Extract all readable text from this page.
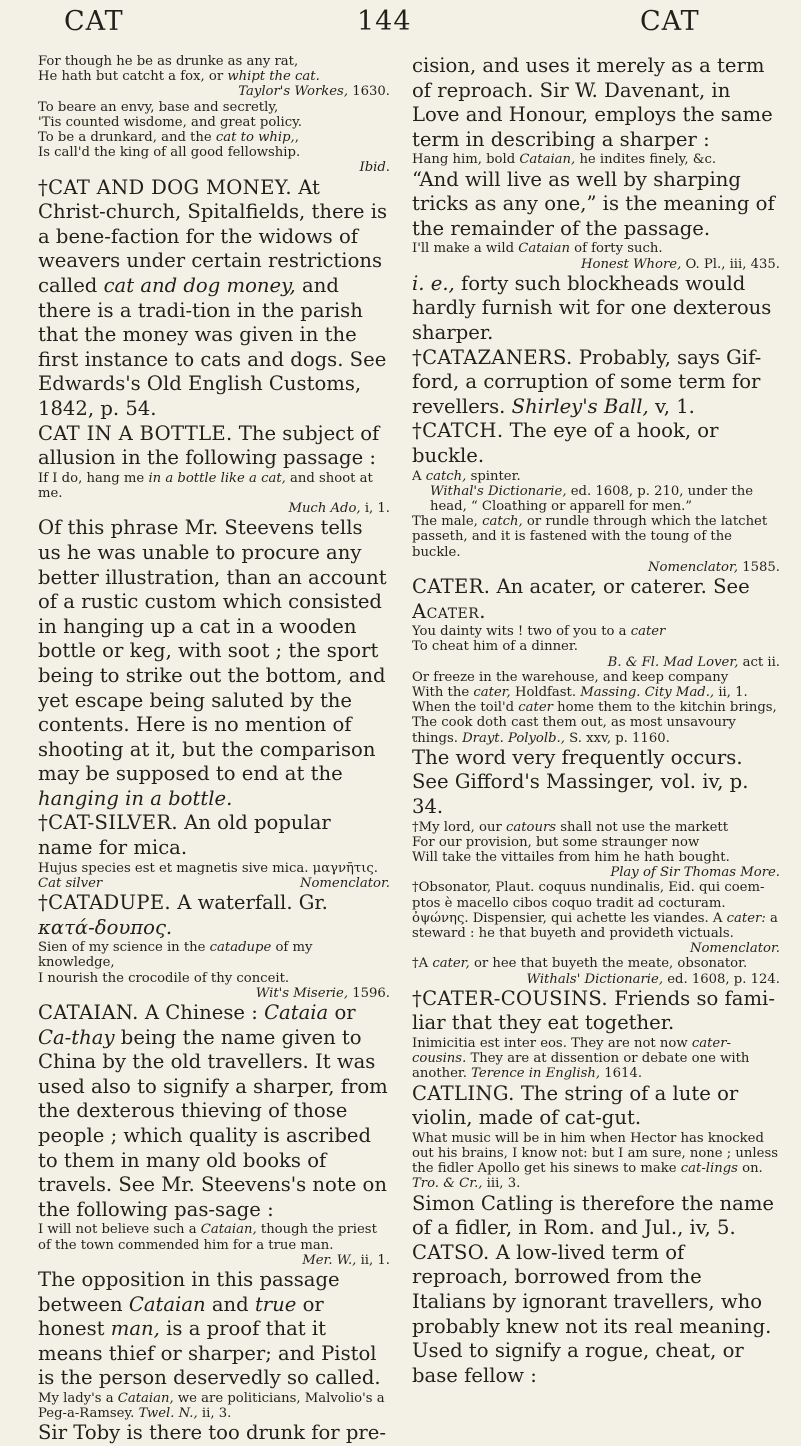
CAT	144	CAT

For though he be as drunke as any rat,
He hath but catcht a fox, or whipt the cat.

Taylor's Workes, 1630.

To beare an envy, base and secretly,
'Tis counted wisdome, and great policy.
To be a drunkard, and the cat to whip,,
Is call'd the king of all good fellowship.

Ibid.

†CAT AND DOG MONEY. At Christ-church, Spitalfields, there is a bene-faction for the widows of weavers under certain restrictions called cat and dog money, and there is a tradi-tion in the parish that the money was given in the first instance to cats and dogs. See Edwards's Old English Customs, 1842, p. 54.

CAT IN A BOTTLE. The subject of allusion in the following passage :

If I do, hang me in a bottle like a cat, and shoot at me.

Much Ado, i, 1.

Of this phrase Mr. Steevens tells us he was unable to procure any better illustration, than an account of a rustic custom which consisted in hanging up a cat in a wooden bottle or keg, with soot ; the sport being to strike out the bottom, and yet escape being saluted by the contents. Here is no mention of shooting at it, but the comparison may be supposed to end at the hanging in a bottle.

†CAT-SILVER. An old popular name for mica.

Hujus species est et magnetis sive mica. μαγνῆτις.
Cat silver	Nomenclator.

†CATADUPE. A waterfall. Gr. κατά-δουπος.

Sien of my science in the catadupe of my knowledge,
I nourish the crocodile of thy conceit.

Wit's Miserie, 1596.

CATAIAN. A Chinese : Cataia or Ca-thay being the name given to China by the old travellers. It was used also to signify a sharper, from the dexterous thieving of those people ; which quality is ascribed to them in many old books of travels. See Mr. Steevens's note on the following pas-sage :

I will not believe such a Cataian, though the priest of the town commended him for a true man.

Mer. W., ii, 1.

The opposition in this passage between Cataian and true or honest man, is a proof that it means thief or sharper; and Pistol is the person deservedly so called.

My lady's a Cataian, we are politicians, Malvolio's a Peg-a-Ramsey. Twel. N., ii, 3.

Sir Toby is there too drunk for pre-

cision, and uses it merely as a term of reproach. Sir W. Davenant, in Love and Honour, employs the same term in describing a sharper :

Hang him, bold Cataian, he indites finely, &c.

“And will live as well by sharping tricks as any one,” is the meaning of the remainder of the passage.

I'll make a wild Cataian of forty such.

Honest Whore, O. Pl., iii, 435.

i. e., forty such blockheads would hardly furnish wit for one dexterous sharper.

†CATAZANERS. Probably, says Gif-ford, a corruption of some term for revellers. Shirley's Ball, v, 1.

†CATCH. The eye of a hook, or buckle.

A catch, spinter.

Withal's Dictionarie, ed. 1608, p. 210, under the head, “ Cloathing or apparell for men.”

The male, catch, or rundle through which the latchet passeth, and it is fastened with the toung of the buckle.

Nomenclator, 1585.

CATER. An acater, or caterer. See
Acater.

You dainty wits ! two of you to a cater
To cheat him of a dinner.

B. & Fl. Mad Lover, act ii.

Or freeze in the warehouse, and keep company
With the cater, Holdfast. Massing. City Mad., ii, 1.

When the toil'd cater home them to the kitchin brings,
The cook doth cast them out, as most unsavoury things. Drayt. Polyolb., S. xxv, p. 1160.

The word very frequently occurs. See Gifford's Massinger, vol. iv, p. 34.

†My lord, our catours shall not use the markett
For our provision, but some straunger now
Will take the vittailes from him he hath bought.

Play of Sir Thomas More.

†Obsonator, Plaut. coquus nundinalis, Eid. qui coem-ptos è macello cibos coquo tradit ad cocturam. ὀψώνης. Dispensier, qui achette les viandes. A cater: a steward : he that buyeth and provideth victuals.

Nomenclator.

†A cater, or hee that buyeth the meate, obsonator.

Withals' Dictionarie, ed. 1608, p. 124.

†CATER-COUSINS. Friends so fami-liar that they eat together.

Inimicitia est inter eos. They are not now cater-cousins. They are at dissention or debate one with another. Terence in English, 1614.

CATLING. The string of a lute or violin, made of cat-gut.

What music will be in him when Hector has knocked out his brains, I know not: but I am sure, none ; unless the fidler Apollo get his sinews to make cat-lings on. Tro. & Cr., iii, 3.

Simon Catling is therefore the name of a fidler, in Rom. and Jul., iv, 5.

CATSO. A low-lived term of reproach, borrowed from the Italians by ignorant travellers, who probably knew not its real meaning. Used to signify a rogue, cheat, or base fellow :
